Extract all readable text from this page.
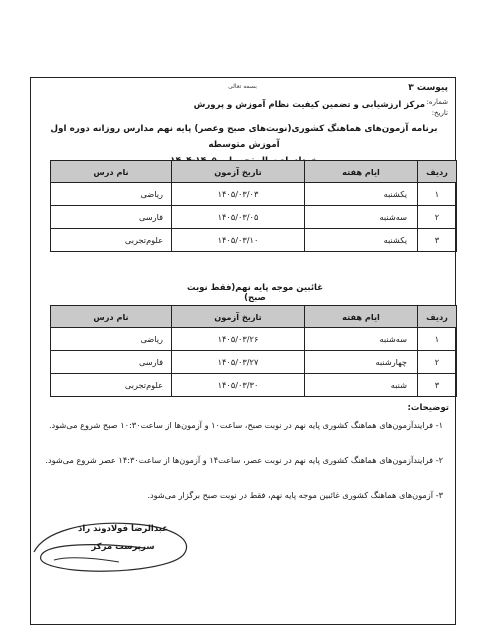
بسمه تعالی	پیوست ۳
شماره:
تاریخ:
مرکز ارزشیابی و تضمین کیفیت نظام آموزش و پرورش
برنامه آزمون‌های هماهنگ کشوری(نوبت‌های صبح وعصر) پایه نهم مدارس روزانه دوره اول آموزش متوسطه
ردیف	ایام هفته	تاریخ آزمون	نام درس
۱	یکشنبه	۱۴۰۵/۰۳/۰۳	ریاضی
۲	سه‌شنبه	۱۴۰۵/۰۳/۰۵	فارسی
۳	یکشنبه	۱۴۰۵/۰۳/۱۰	علوم‌تجربی
غائبین موجه پایه نهم(فقط نوبت صبح)
ردیف	ایام هفته	تاریخ آزمون	نام درس
۱	سه‌شنبه	۱۴۰۵/۰۳/۲۶	ریاضی
۲	چهارشنبه	۱۴۰۵/۰۳/۲۷	فارسی
۳	شنبه	۱۴۰۵/۰۳/۳۰	علوم‌تجربی
توضیحات:
۱- فرایندآزمون‌های هماهنگ کشوری پایه نهم در نوبت صبح، ساعت۱۰ و آزمون‌ها از ساعت۱۰:۳۰ صبح شروع می‌شود.
۲- فرایندآزمون‌های هماهنگ کشوری پایه نهم در نوبت عصر، ساعت۱۴ و آزمون‌ها از ساعت۱۴:۳۰ عصر شروع می‌شود.
۳- آزمون‌های هماهنگ کشوری غائبین موجه پایه نهم، فقط در نوبت صبح برگزار می‌شود.
عبدالرضا فولادوند راد
سرپرست مرکز
